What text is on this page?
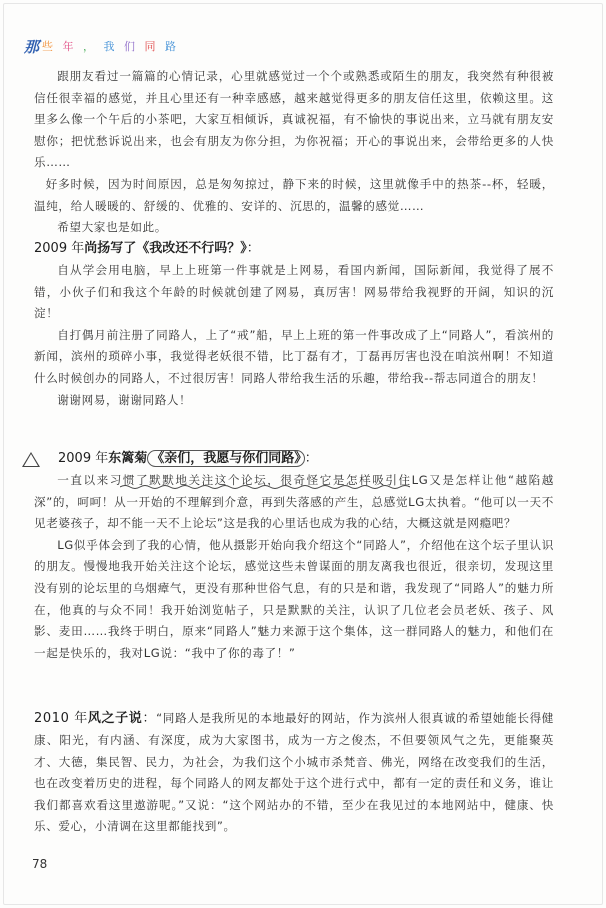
那 些 年 ， 我 们 同 路

跟朋友看过一篇篇的心情记录，心里就感觉过一个个或熟悉或陌生的朋友，我突然有种很被信任很幸福的感觉，并且心里还有一种幸感感，越来越觉得更多的朋友信任这里，依赖这里。这里多么像一个午后的小茶吧，大家互相倾诉，真诚祝福，有不愉快的事说出来，立马就有朋友安慰你；把忧愁诉说出来，也会有朋友为你分担，为你祝福；开心的事说出来，会带给更多的人快乐……

好多时候，因为时间原因，总是匆匆掠过，静下来的时候，这里就像手中的热茶--杯，轻暖，温纯，给人暖暖的、舒缓的、优雅的、安详的、沉思的，温馨的感觉……

希望大家也是如此。

2009 年尚扬写了《我改还不行吗？》：

自从学会用电脑，早上上班第一件事就是上网易，看国内新闻，国际新闻，我觉得了展不错，小伙子们和我这个年龄的时候就创建了网易，真厉害！网易带给我视野的开阔，知识的沉淀！

自打偶月前注册了同路人，上了“戒”船，早上上班的第一件事改成了上“同路人”，看滨州的新闻，滨州的琐碎小事，我觉得老妖很不错，比丁磊有才，丁磊再厉害也没在咱滨州啊！不知道什么时候创办的同路人，不过很厉害！同路人带给我生活的乐趣，带给我--帮志同道合的朋友！

谢谢网易，谢谢同路人！

2009 年东篱菊 《亲们，我愿与你们同路》 ：

一直以来习惯了默默地关注这个论坛，很奇怪它是怎样吸引住LG又是怎样让他“越陷越深”的，呵呵！从一开始的不理解到介意，再到失落感的产生，总感觉LG太执着。“他可以一天不见老婆孩子，却不能一天不上论坛”这是我的心里话也成为我的心结，大概这就是网瘾吧？

LG似乎体会到了我的心情，他从摄影开始向我介绍这个“同路人”，介绍他在这个坛子里认识的朋友。慢慢地我开始关注这个论坛，感觉这些未曾谋面的朋友离我也很近，很亲切，发现这里没有别的论坛里的乌烟瘴气，更没有那种世俗气息，有的只是和谐，我发现了“同路人”的魅力所在，他真的与众不同！我开始浏览帖子，只是默默的关注，认识了几位老会员老妖、孩子、风影、麦田……我终于明白，原来“同路人”魅力来源于这个集体，这一群同路人的魅力，和他们在一起是快乐的，我对LG说：“我中了你的毒了！”

2010 年风之子说：“同路人是我所见的本地最好的网站，作为滨州人很真诚的希望她能长得健康、阳光，有内涵、有深度，成为大家图书，成为一方之俊杰，不但要领风气之先，更能聚英才、大德，集民智、民力，为社会，为我们这个小城市杀梵音、佛光，网络在改变我们的生活，也在改变着历史的进程，每个同路人的网友都处于这个进行式中，都有一定的责任和义务，谁让我们都喜欢看这里遨游呢。”又说：“这个网站办的不错，至少在我见过的本地网站中，健康、快乐、爱心，小清调在这里都能找到”。

78
